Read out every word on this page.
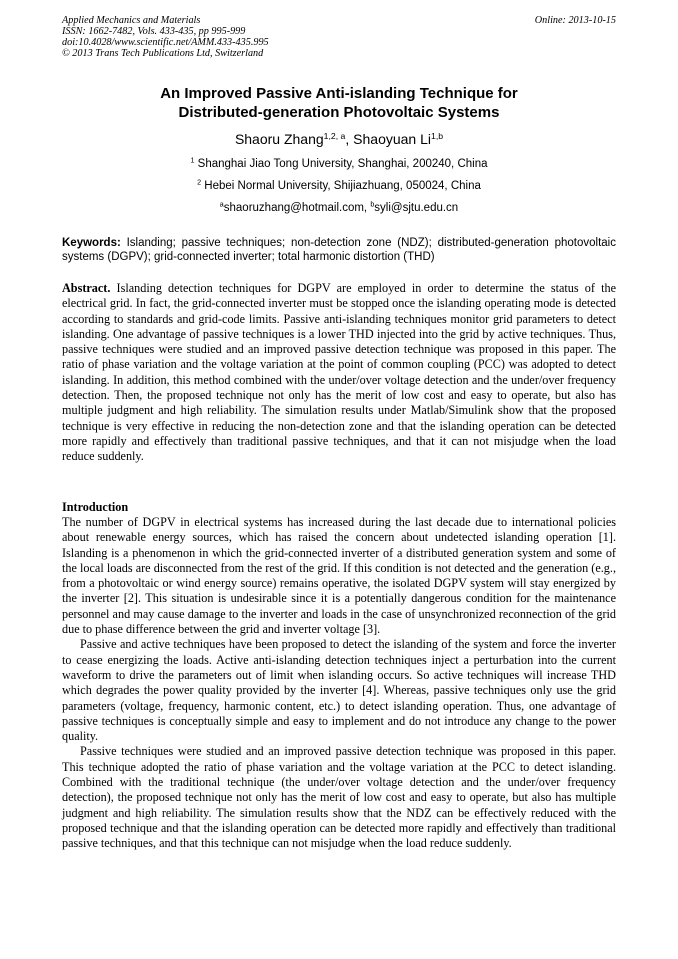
Applied Mechanics and Materials
ISSN: 1662-7482, Vols. 433-435, pp 995-999
doi:10.4028/www.scientific.net/AMM.433-435.995
© 2013 Trans Tech Publications Ltd, Switzerland
Online: 2013-10-15
An Improved Passive Anti-islanding Technique for
Distributed-generation Photovoltaic Systems
Shaoru Zhang$^{1,2, a}$, Shaoyuan Li$^{1,b}$
$^1$ Shanghai Jiao Tong University, Shanghai, 200240, China
$^2$ Hebei Normal University, Shijiazhuang, 050024, China
$^a$shaoruzhang@hotmail.com, $^b$syli@sjtu.edu.cn
Keywords: Islanding; passive techniques; non-detection zone (NDZ); distributed-generation photovoltaic systems (DGPV); grid-connected inverter; total harmonic distortion (THD)
Abstract. Islanding detection techniques for DGPV are employed in order to determine the status of the electrical grid. In fact, the grid-connected inverter must be stopped once the islanding operating mode is detected according to standards and grid-code limits. Passive anti-islanding techniques monitor grid parameters to detect islanding. One advantage of passive techniques is a lower THD injected into the grid by active techniques. Thus, passive techniques were studied and an improved passive detection technique was proposed in this paper. The ratio of phase variation and the voltage variation at the point of common coupling (PCC) was adopted to detect islanding. In addition, this method combined with the under/over voltage detection and the under/over frequency detection. Then, the proposed technique not only has the merit of low cost and easy to operate, but also has multiple judgment and high reliability. The simulation results under Matlab/Simulink show that the proposed technique is very effective in reducing the non-detection zone and that the islanding operation can be detected more rapidly and effectively than traditional passive techniques, and that it can not misjudge when the load reduce suddenly.
Introduction
The number of DGPV in electrical systems has increased during the last decade due to international policies about renewable energy sources, which has raised the concern about undetected islanding operation [1]. Islanding is a phenomenon in which the grid-connected inverter of a distributed generation system and some of the local loads are disconnected from the rest of the grid. If this condition is not detected and the generation (e.g., from a photovoltaic or wind energy source) remains operative, the isolated DGPV system will stay energized by the inverter [2]. This situation is undesirable since it is a potentially dangerous condition for the maintenance personnel and may cause damage to the inverter and loads in the case of unsynchronized reconnection of the grid due to phase difference between the grid and inverter voltage [3].
Passive and active techniques have been proposed to detect the islanding of the system and force the inverter to cease energizing the loads. Active anti-islanding detection techniques inject a perturbation into the current waveform to drive the parameters out of limit when islanding occurs. So active techniques will increase THD which degrades the power quality provided by the inverter [4]. Whereas, passive techniques only use the grid parameters (voltage, frequency, harmonic content, etc.) to detect islanding operation. Thus, one advantage of passive techniques is conceptually simple and easy to implement and do not introduce any change to the power quality.
Passive techniques were studied and an improved passive detection technique was proposed in this paper. This technique adopted the ratio of phase variation and the voltage variation at the PCC to detect islanding. Combined with the traditional technique (the under/over voltage detection and the under/over frequency detection), the proposed technique not only has the merit of low cost and easy to operate, but also has multiple judgment and high reliability. The simulation results show that the NDZ can be effectively reduced with the proposed technique and that the islanding operation can be detected more rapidly and effectively than traditional passive techniques, and that this technique can not misjudge when the load reduce suddenly.
